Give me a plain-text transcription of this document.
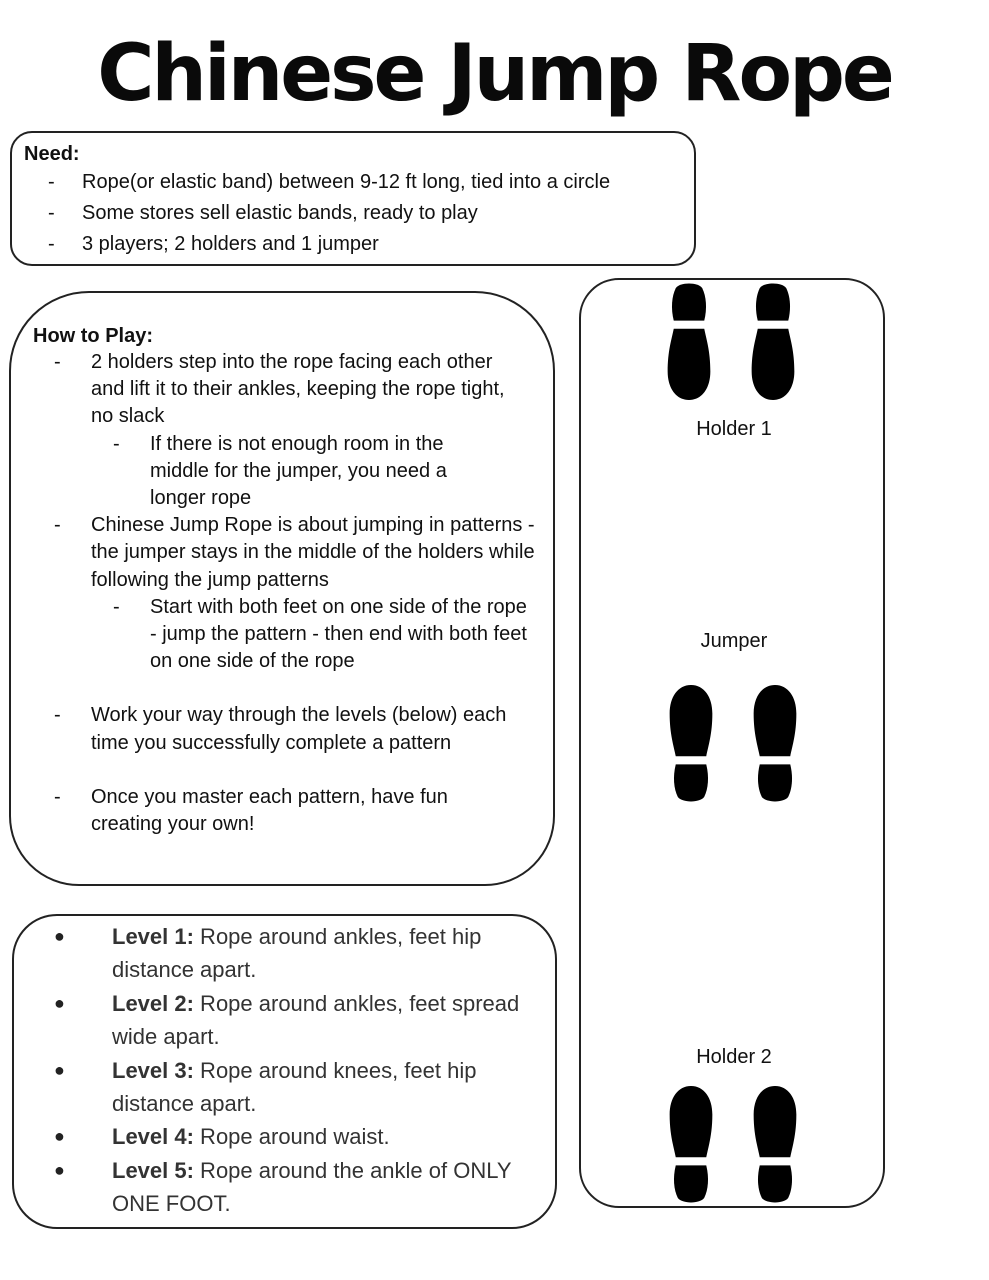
Chinese Jump Rope
Need:
-	Rope(or elastic band) between 9-12 ft long, tied into a circle
-	Some stores sell elastic bands, ready to play
-	3 players; 2 holders and 1 jumper
How to Play:
-	2 holders step into the rope facing each other and lift it to their ankles, keeping the rope tight, no slack
-	If there is not enough room in the middle for the jumper, you need a longer rope
-	Chinese Jump Rope is about jumping in patterns - the jumper stays in the middle of the holders while following the jump patterns
-	Start with both feet on one side of the rope - jump the pattern - then end with both feet on one side of the rope
-	Work your way through the levels (below) each time you successfully complete a pattern
-	Once you master each pattern, have fun creating your own!
●	Level 1: Rope around ankles, feet hip distance apart.
●	Level 2: Rope around ankles, feet spread wide apart.
●	Level 3: Rope around knees, feet hip distance apart.
●	Level 4: Rope around waist.
●	Level 5: Rope around the ankle of ONLY ONE FOOT.
Holder 1
Jumper
Holder 2
